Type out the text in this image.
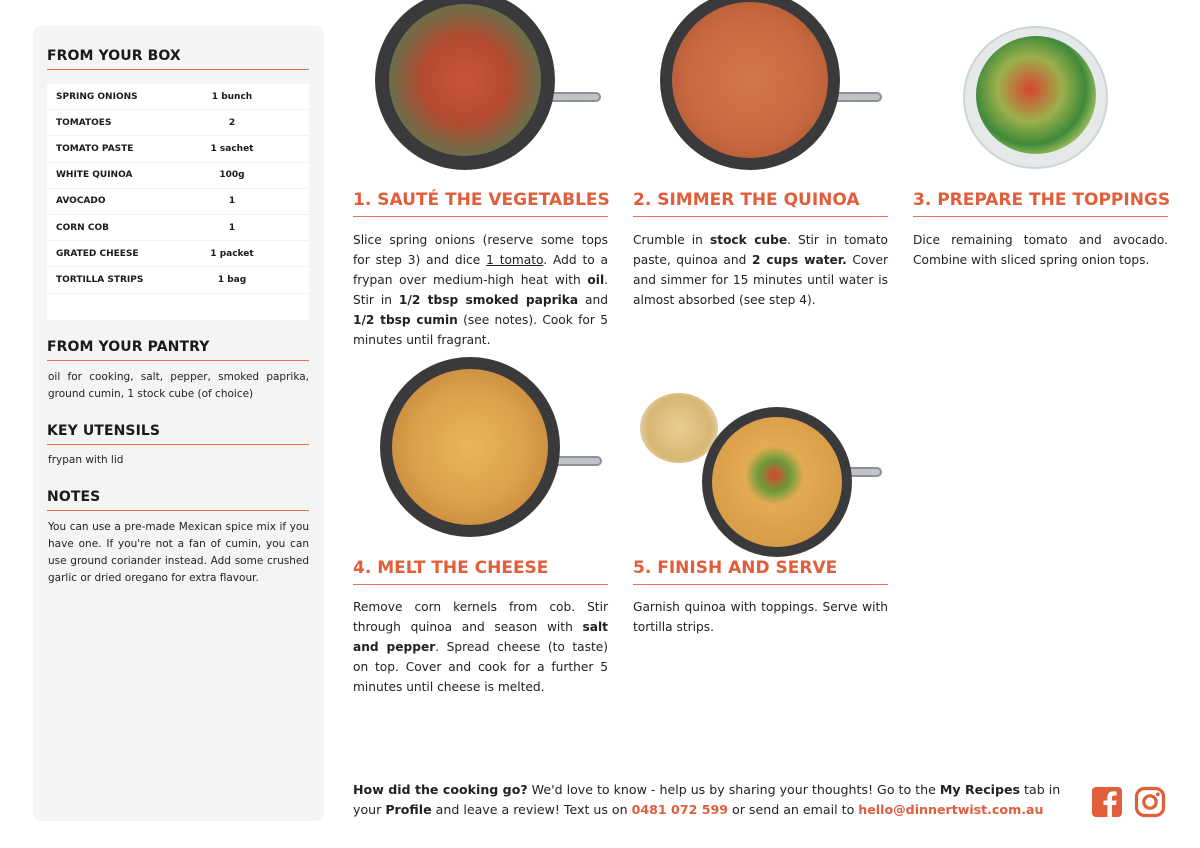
FROM YOUR BOX
SPRING ONIONS	1 bunch
TOMATOES	2
TOMATO PASTE	1 sachet
WHITE QUINOA	100g
AVOCADO	1
CORN COB	1
GRATED CHEESE	1 packet
TORTILLA STRIPS	1 bag
FROM YOUR PANTRY
oil for cooking, salt, pepper, smoked paprika, ground cumin, 1 stock cube (of choice)
KEY UTENSILS
frypan with lid
NOTES
You can use a pre-made Mexican spice mix if you have one. If you're not a fan of cumin, you can use ground coriander instead. Add some crushed garlic or dried oregano for extra flavour.
1. SAUTÉ THE VEGETABLES
Slice spring onions (reserve some tops for step 3) and dice 1 tomato. Add to a frypan over medium-high heat with oil. Stir in 1/2 tbsp smoked paprika and 1/2 tbsp cumin (see notes). Cook for 5 minutes until fragrant.
2. SIMMER THE QUINOA
Crumble in stock cube. Stir in tomato paste, quinoa and 2 cups water. Cover and simmer for 15 minutes until water is almost absorbed (see step 4).
3. PREPARE THE TOPPINGS
Dice remaining tomato and avocado. Combine with sliced spring onion tops.
4. MELT THE CHEESE
Remove corn kernels from cob. Stir through quinoa and season with salt and pepper. Spread cheese (to taste) on top. Cover and cook for a further 5 minutes until cheese is melted.
5. FINISH AND SERVE
Garnish quinoa with toppings. Serve with tortilla strips.
How did the cooking go? We'd love to know - help us by sharing your thoughts! Go to the My Recipes tab in your Profile and leave a review! Text us on 0481 072 599 or send an email to hello@dinnertwist.com.au
